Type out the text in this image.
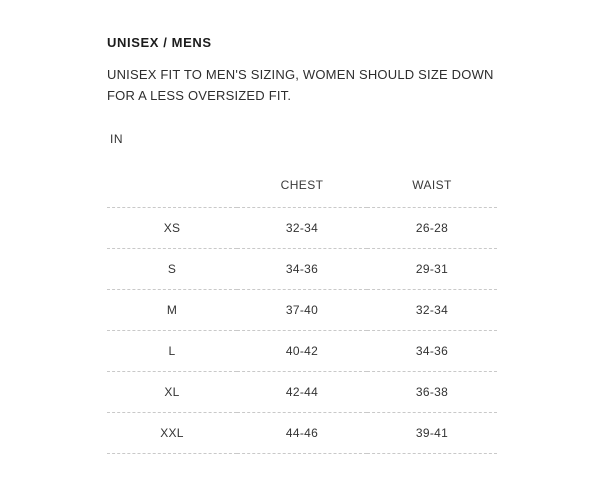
UNISEX / MENS

UNISEX FIT TO MEN'S SIZING, WOMEN SHOULD SIZE DOWN FOR A LESS OVERSIZED FIT.

IN
	CHEST	WAIST
XS	32-34	26-28
S	34-36	29-31
M	37-40	32-34
L	40-42	34-36
XL	42-44	36-38
XXL	44-46	39-41
